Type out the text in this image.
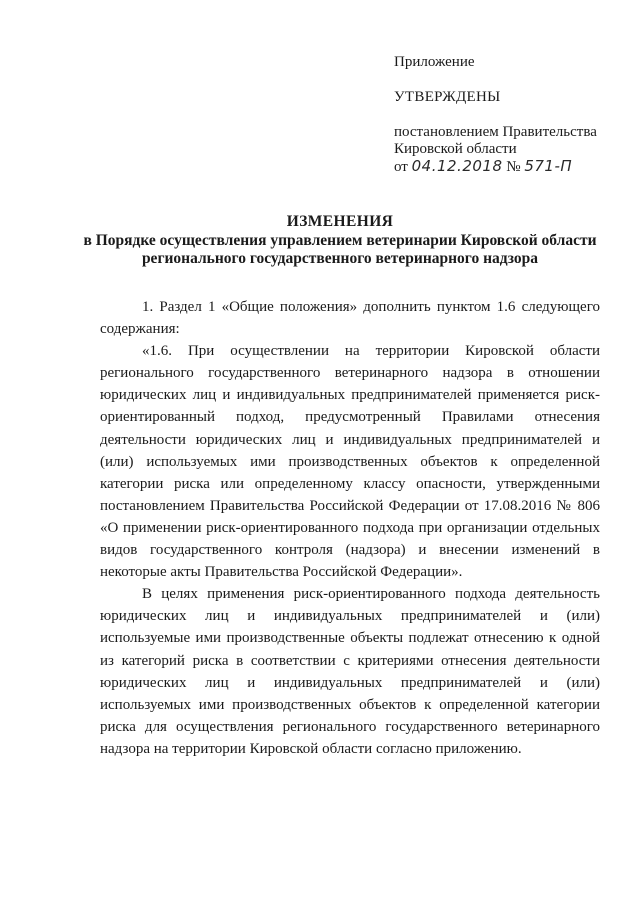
Приложение
УТВЕРЖДЕНЫ
постановлением Правительства
Кировской области
от 04.12.2018 № 571-П
ИЗМЕНЕНИЯ
в Порядке осуществления управлением ветеринарии Кировской области
регионального государственного ветеринарного надзора

1. Раздел 1 «Общие положения» дополнить пунктом 1.6 следующего содержания:

«1.6. При осуществлении на территории Кировской области регионального государственного ветеринарного надзора в отношении юридических лиц и индивидуальных предпринимателей применяется риск-ориентированный подход, предусмотренный Правилами отнесения деятельности юридических лиц и индивидуальных предпринимателей и (или) используемых ими производственных объектов к определенной категории риска или определенному классу опасности, утвержденными постановлением Правительства Российской Федерации от 17.08.2016 № 806 «О применении риск-ориентированного подхода при организации отдельных видов государственного контроля (надзора) и внесении изменений в некоторые акты Правительства Российской Федерации».

В целях применения риск-ориентированного подхода деятельность юридических лиц и индивидуальных предпринимателей и (или) используемые ими производственные объекты подлежат отнесению к одной из категорий риска в соответствии с критериями отнесения деятельности юридических лиц и индивидуальных предпринимателей и (или) используемых ими производственных объектов к определенной категории риска для осуществления регионального государственного ветеринарного надзора на территории Кировской области согласно приложению.
